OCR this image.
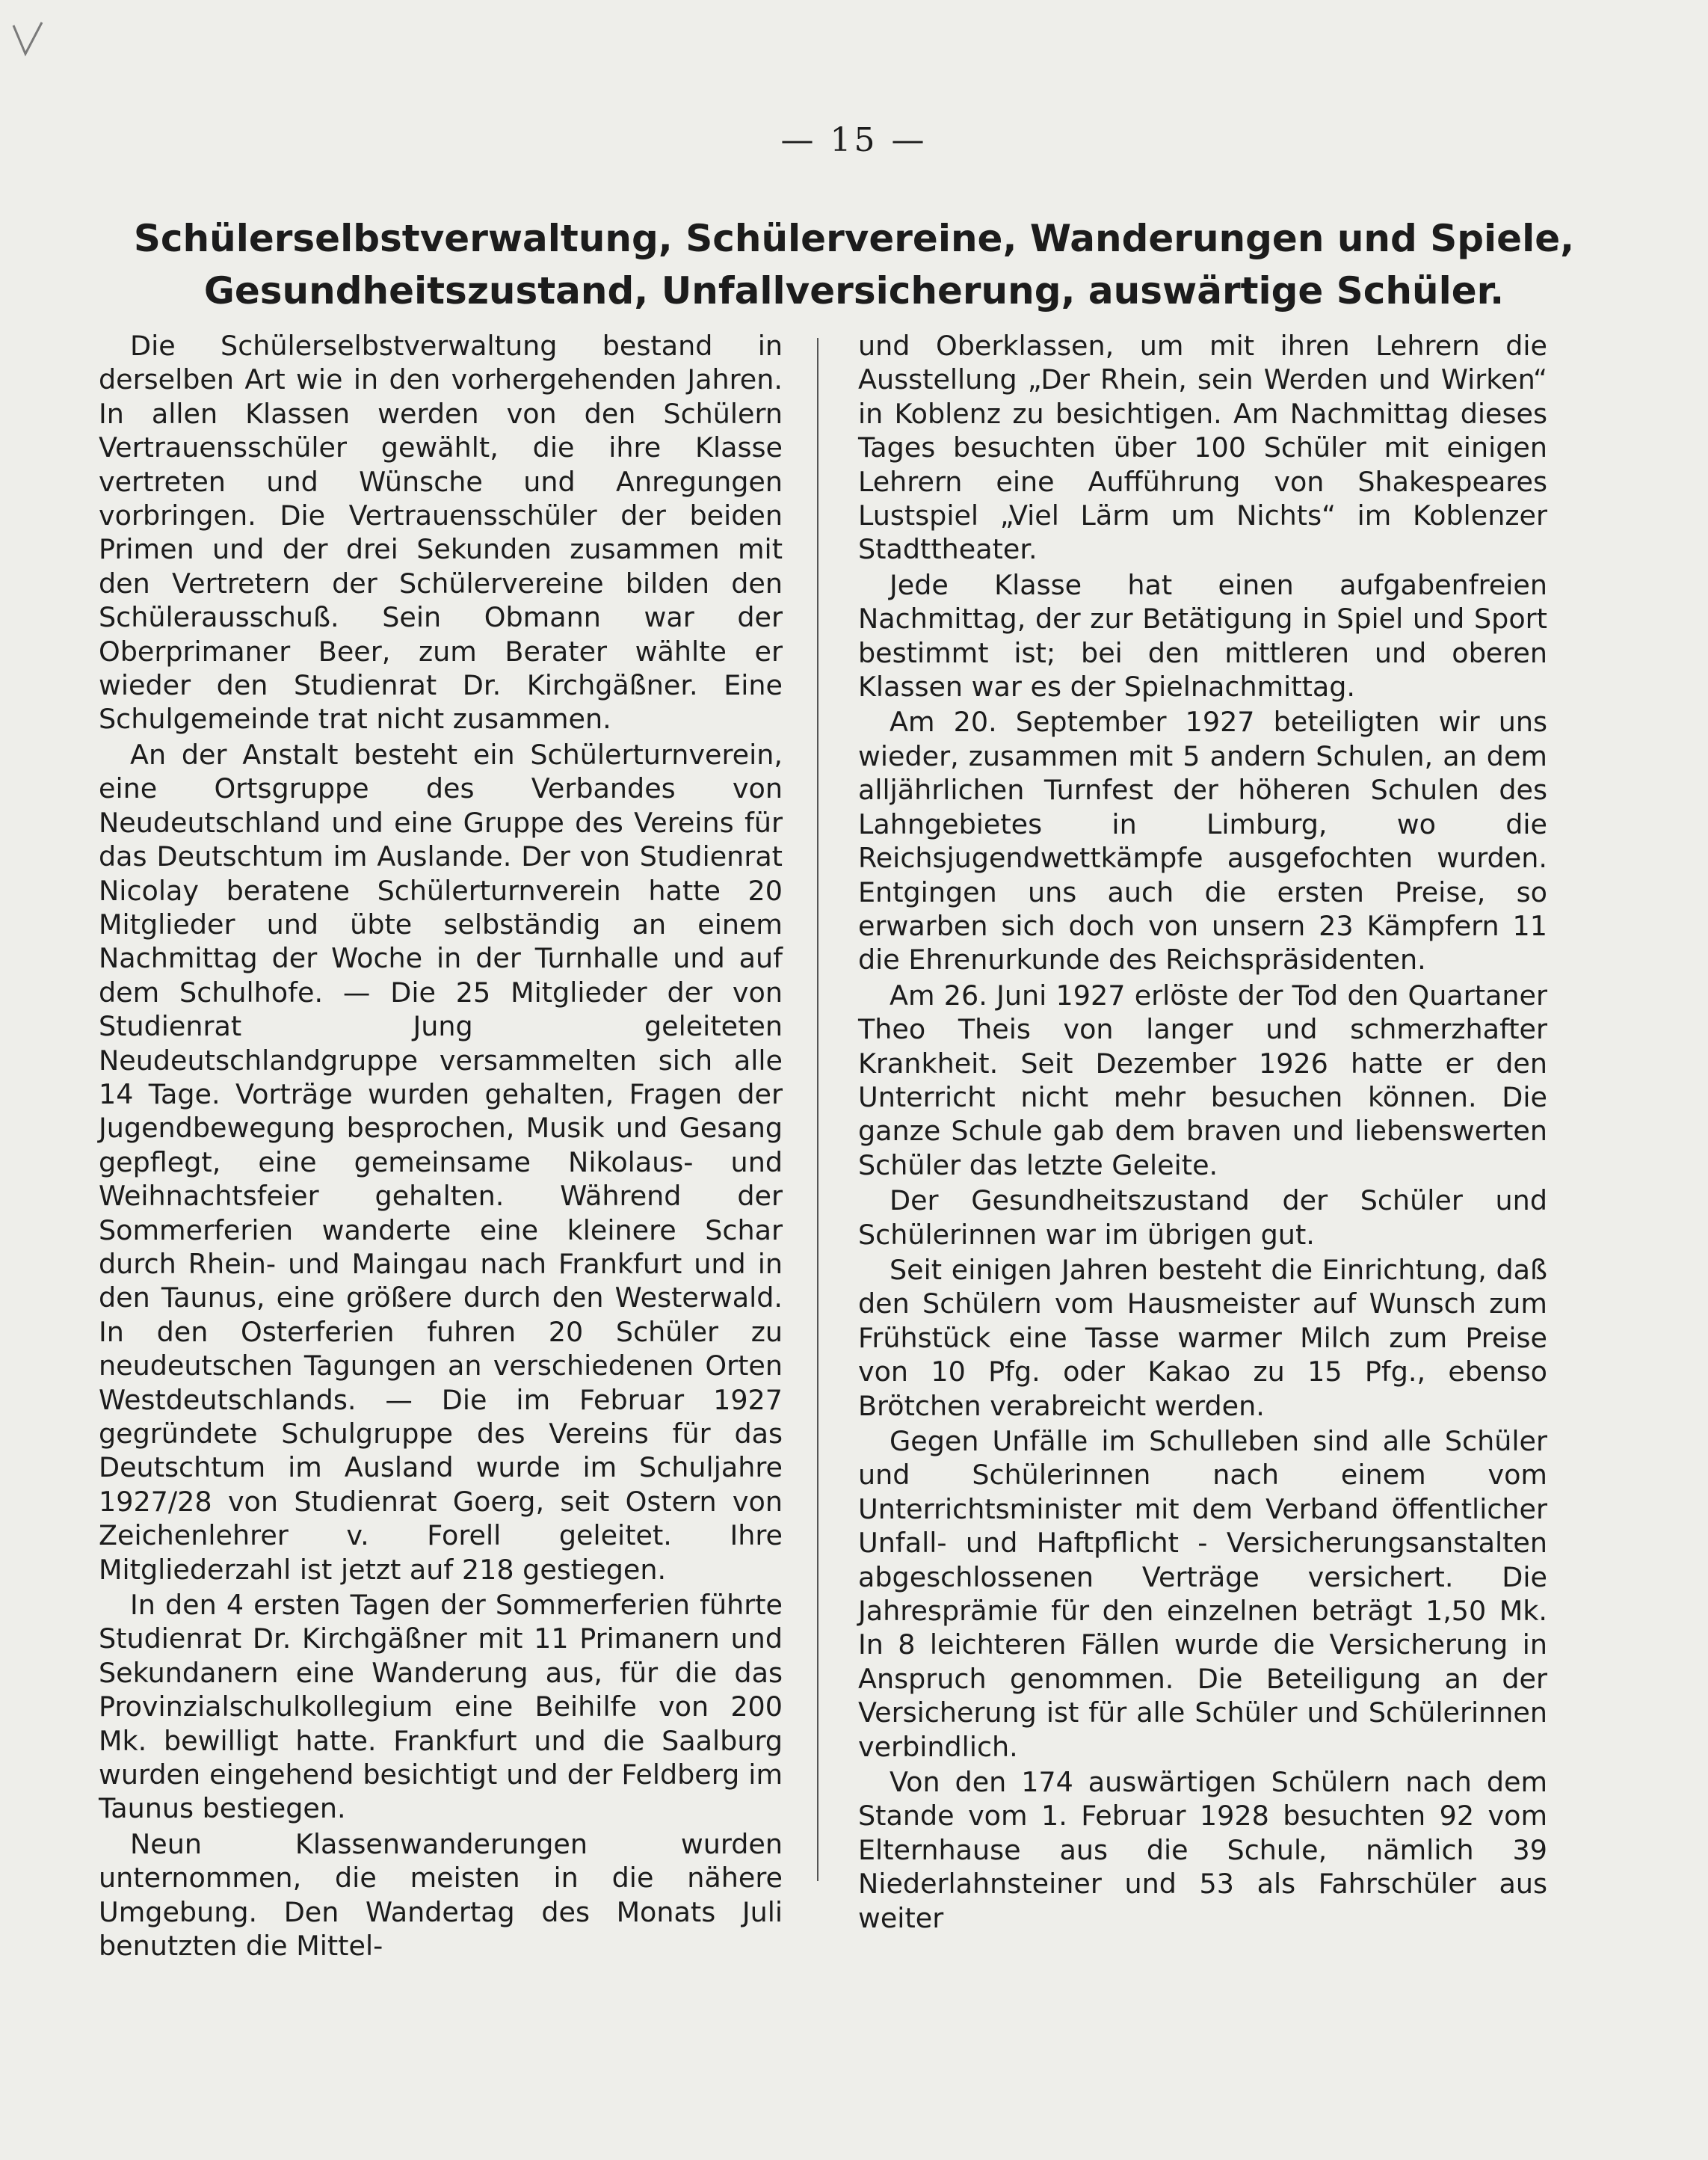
— 15 —
Schülerselbstverwaltung, Schülervereine, Wanderungen und Spiele,
Gesundheitszustand, Unfallversicherung, auswärtige Schüler.

Die Schülerselbstverwaltung bestand in derselben Art wie in den vorhergehenden Jahren. In allen Klassen werden von den Schülern Vertrauensschüler gewählt, die ihre Klasse vertreten und Wünsche und Anregungen vorbringen. Die Vertrauensschüler der beiden Primen und der drei Sekunden zusammen mit den Vertretern der Schülervereine bilden den Schülerausschuß. Sein Obmann war der Oberprimaner Beer, zum Berater wählte er wieder den Studienrat Dr. Kirchgäßner. Eine Schulgemeinde trat nicht zusammen.

An der Anstalt besteht ein Schülerturnverein, eine Ortsgruppe des Verbandes von Neudeutschland und eine Gruppe des Vereins für das Deutschtum im Auslande. Der von Studienrat Nicolay beratene Schülerturnverein hatte 20 Mitglieder und übte selbständig an einem Nachmittag der Woche in der Turnhalle und auf dem Schulhofe. — Die 25 Mitglieder der von Studienrat Jung geleiteten Neudeutschlandgruppe versammelten sich alle 14 Tage. Vorträge wurden gehalten, Fragen der Jugendbewegung besprochen, Musik und Gesang gepflegt, eine gemeinsame Nikolaus- und Weihnachtsfeier gehalten. Während der Sommerferien wanderte eine kleinere Schar durch Rhein- und Maingau nach Frankfurt und in den Taunus, eine größere durch den Westerwald. In den Osterferien fuhren 20 Schüler zu neudeutschen Tagungen an verschiedenen Orten Westdeutschlands. — Die im Februar 1927 gegründete Schulgruppe des Vereins für das Deutschtum im Ausland wurde im Schuljahre 1927/28 von Studienrat Goerg, seit Ostern von Zeichenlehrer v. Forell geleitet. Ihre Mitgliederzahl ist jetzt auf 218 gestiegen.

In den 4 ersten Tagen der Sommerferien führte Studienrat Dr. Kirchgäßner mit 11 Primanern und Sekundanern eine Wanderung aus, für die das Provinzialschulkollegium eine Beihilfe von 200 Mk. bewilligt hatte. Frankfurt und die Saalburg wurden eingehend besichtigt und der Feldberg im Taunus bestiegen.

Neun Klassenwanderungen wurden unternommen, die meisten in die nähere Umgebung. Den Wandertag des Monats Juli benutzten die Mittel-

und Oberklassen, um mit ihren Lehrern die Ausstellung „Der Rhein, sein Werden und Wirken“ in Koblenz zu besichtigen. Am Nachmittag dieses Tages besuchten über 100 Schüler mit einigen Lehrern eine Aufführung von Shakespeares Lustspiel „Viel Lärm um Nichts“ im Koblenzer Stadttheater.

Jede Klasse hat einen aufgabenfreien Nachmittag, der zur Betätigung in Spiel und Sport bestimmt ist; bei den mittleren und oberen Klassen war es der Spielnachmittag.

Am 20. September 1927 beteiligten wir uns wieder, zusammen mit 5 andern Schulen, an dem alljährlichen Turnfest der höheren Schulen des Lahngebietes in Limburg, wo die Reichsjugendwettkämpfe ausgefochten wurden. Entgingen uns auch die ersten Preise, so erwarben sich doch von unsern 23 Kämpfern 11 die Ehrenurkunde des Reichspräsidenten.

Am 26. Juni 1927 erlöste der Tod den Quartaner Theo Theis von langer und schmerzhafter Krankheit. Seit Dezember 1926 hatte er den Unterricht nicht mehr besuchen können. Die ganze Schule gab dem braven und liebenswerten Schüler das letzte Geleite.

Der Gesundheitszustand der Schüler und Schülerinnen war im übrigen gut.

Seit einigen Jahren besteht die Einrichtung, daß den Schülern vom Hausmeister auf Wunsch zum Frühstück eine Tasse warmer Milch zum Preise von 10 Pfg. oder Kakao zu 15 Pfg., ebenso Brötchen verabreicht werden.

Gegen Unfälle im Schulleben sind alle Schüler und Schülerinnen nach einem vom Unterrichtsminister mit dem Verband öffentlicher Unfall- und Haftpflicht - Versicherungsanstalten abgeschlossenen Verträge versichert. Die Jahresprämie für den einzelnen beträgt 1,50 Mk. In 8 leichteren Fällen wurde die Versicherung in Anspruch genommen. Die Beteiligung an der Versicherung ist für alle Schüler und Schülerinnen verbindlich.

Von den 174 auswärtigen Schülern nach dem Stande vom 1. Februar 1928 besuchten 92 vom Elternhause aus die Schule, nämlich 39 Niederlahnsteiner und 53 als Fahrschüler aus weiter
